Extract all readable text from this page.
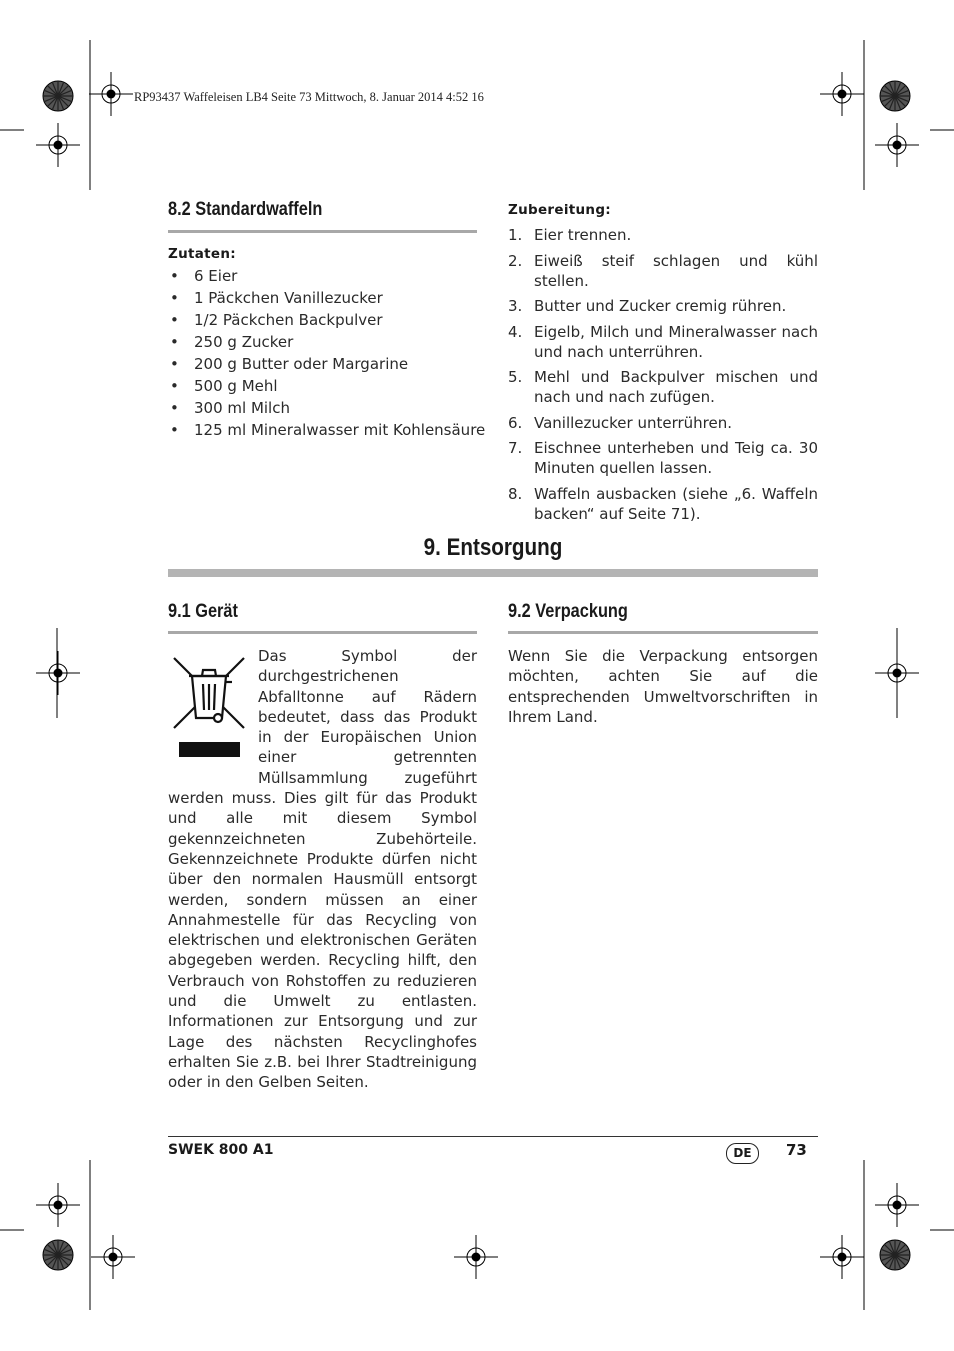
RP93437 Waffeleisen LB4 Seite 73 Mittwoch, 8. Januar 2014 4:52 16
8.2 Standardwaffeln
Zutaten:
• 6 Eier
• 1 Päckchen Vanillezucker
• 1/2 Päckchen Backpulver
• 250 g Zucker
• 200 g Butter oder Margarine
• 500 g Mehl
• 300 ml Milch
• 125 ml Mineralwasser mit Kohlensäure
Zubereitung:
1. Eier trennen.
2. Eiweiß steif schlagen und kühl stellen.
3. Butter und Zucker cremig rühren.
4. Eigelb, Milch und Mineralwasser nach und nach unterrühren.
5. Mehl und Backpulver mischen und nach und nach zufügen.
6. Vanillezucker unterrühren.
7. Eischnee unterheben und Teig ca. 30 Minuten quellen lassen.
8. Waffeln ausbacken (siehe „6. Waffeln backen“ auf Seite 71).
9. Entsorgung
9.1 Gerät
Das Symbol der durchgestrichenen Abfalltonne auf Rädern bedeutet, dass das Produkt in der Europäischen Union einer getrennten Müllsammlung zugeführt werden muss. Dies gilt für das Produkt und alle mit diesem Symbol gekennzeichneten Zubehörteile. Gekennzeichnete Produkte dürfen nicht über den normalen Hausmüll entsorgt werden, sondern müssen an einer Annahmestelle für das Recycling von elektrischen und elektronischen Geräten abgegeben werden. Recycling hilft, den Verbrauch von Rohstoffen zu reduzieren und die Umwelt zu entlasten. Informationen zur Entsorgung und zur Lage des nächsten Recyclinghofes erhalten Sie z.B. bei Ihrer Stadtreinigung oder in den Gelben Seiten.
9.2 Verpackung
Wenn Sie die Verpackung entsorgen möchten, achten Sie auf die entsprechenden Umweltvorschriften in Ihrem Land.
SWEK 800 A1	DE	73
